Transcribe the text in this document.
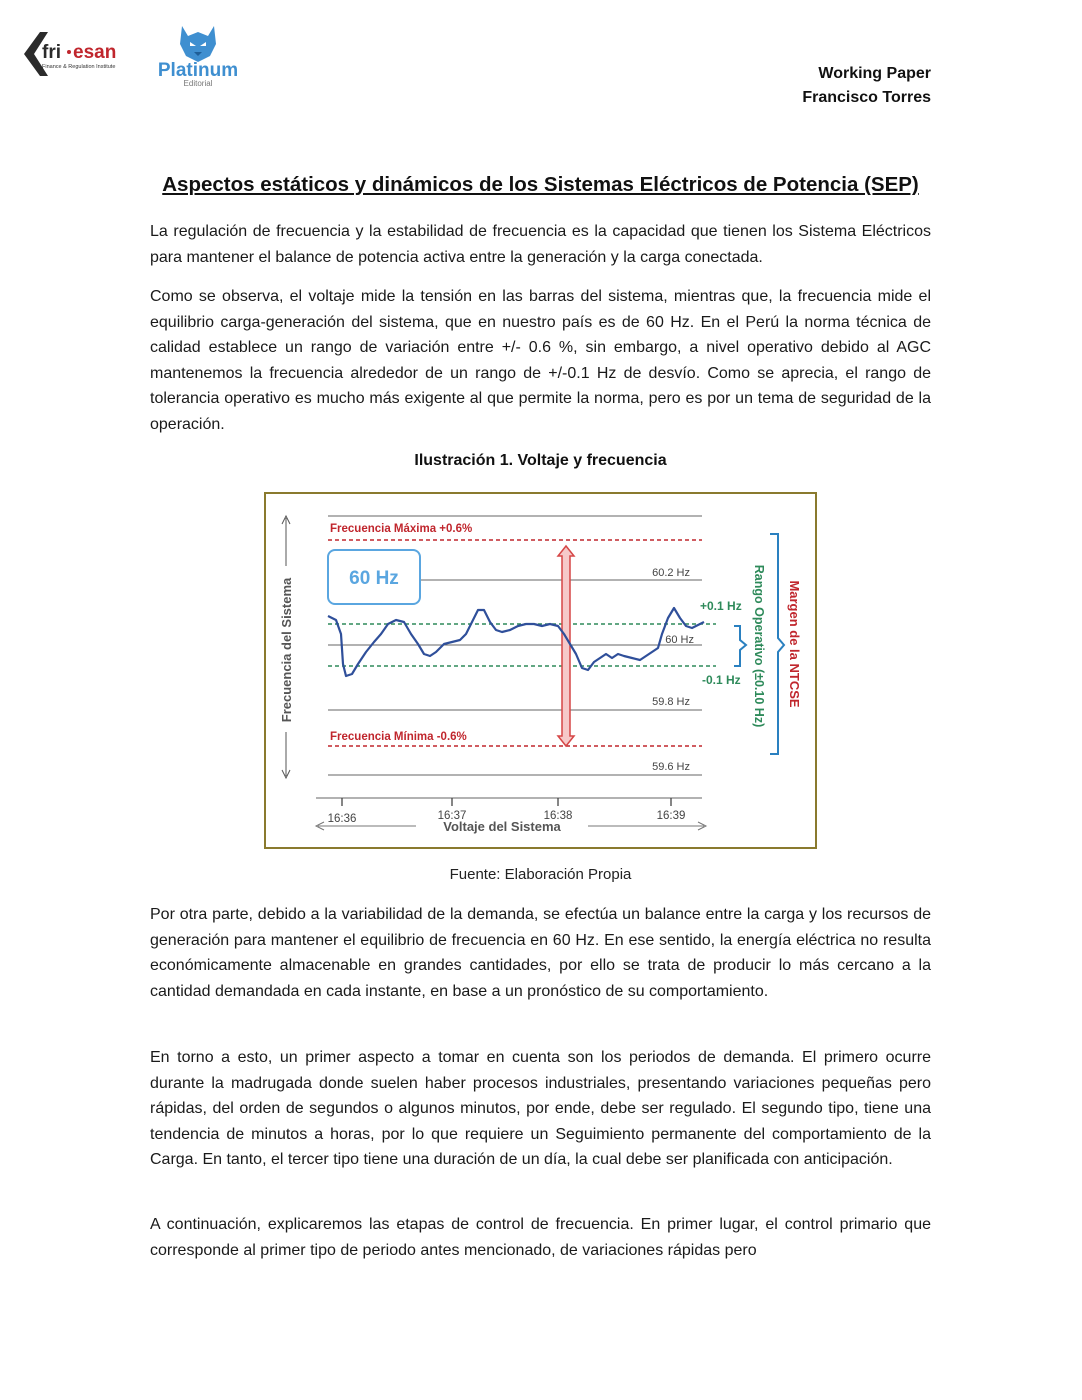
fri esan
Finance & Regulation Institute Platinum
Editorial
Working Paper
Francisco Torres
Aspectos estáticos y dinámicos de los Sistemas Eléctricos de Potencia (SEP)

La regulación de frecuencia y la estabilidad de frecuencia es la capacidad que tienen los Sistema Eléctricos para mantener el balance de potencia activa entre la generación y la carga conectada.

Como se observa, el voltaje mide la tensión en las barras del sistema, mientras que, la frecuencia mide el equilibrio carga-generación del sistema, que en nuestro país es de 60 Hz. En el Perú la norma técnica de calidad establece un rango de variación entre +/- 0.6 %, sin embargo, a nivel operativo debido al AGC mantenemos la frecuencia alrededor de un rango de +/-0.1 Hz de desvío. Como se aprecia, el rango de tolerancia operativo es mucho más exigente al que permite la norma, pero es por un tema de seguridad de la operación.

Ilustración 1. Voltaje y frecuencia
Frecuencia del Sistema
Frecuencia Máxima +0.6%
Frecuencia Mínima -0.6%
60.2 Hz
60 Hz
59.8 Hz
59.6 Hz
+0.1 Hz
-0.1 Hz
60 Hz
16:36	16:37	16:38	16:39
Voltaje del Sistema
Rango Operativo (±0.10 Hz) Margen de la NTCSE
Fuente: Elaboración Propia

Por otra parte, debido a la variabilidad de la demanda, se efectúa un balance entre la carga y los recursos de generación para mantener el equilibrio de frecuencia en 60 Hz. En ese sentido, la energía eléctrica no resulta económicamente almacenable en grandes cantidades, por ello se trata de producir lo más cercano a la cantidad demandada en cada instante, en base a un pronóstico de su comportamiento.

En torno a esto, un primer aspecto a tomar en cuenta son los periodos de demanda. El primero ocurre durante la madrugada donde suelen haber procesos industriales, presentando variaciones pequeñas pero rápidas, del orden de segundos o algunos minutos, por ende, debe ser regulado. El segundo tipo, tiene una tendencia de minutos a horas, por lo que requiere un Seguimiento permanente del comportamiento de la Carga. En tanto, el tercer tipo tiene una duración de un día, la cual debe ser planificada con anticipación.

A continuación, explicaremos las etapas de control de frecuencia. En primer lugar, el control primario que corresponde al primer tipo de periodo antes mencionado, de variaciones rápidas pero
